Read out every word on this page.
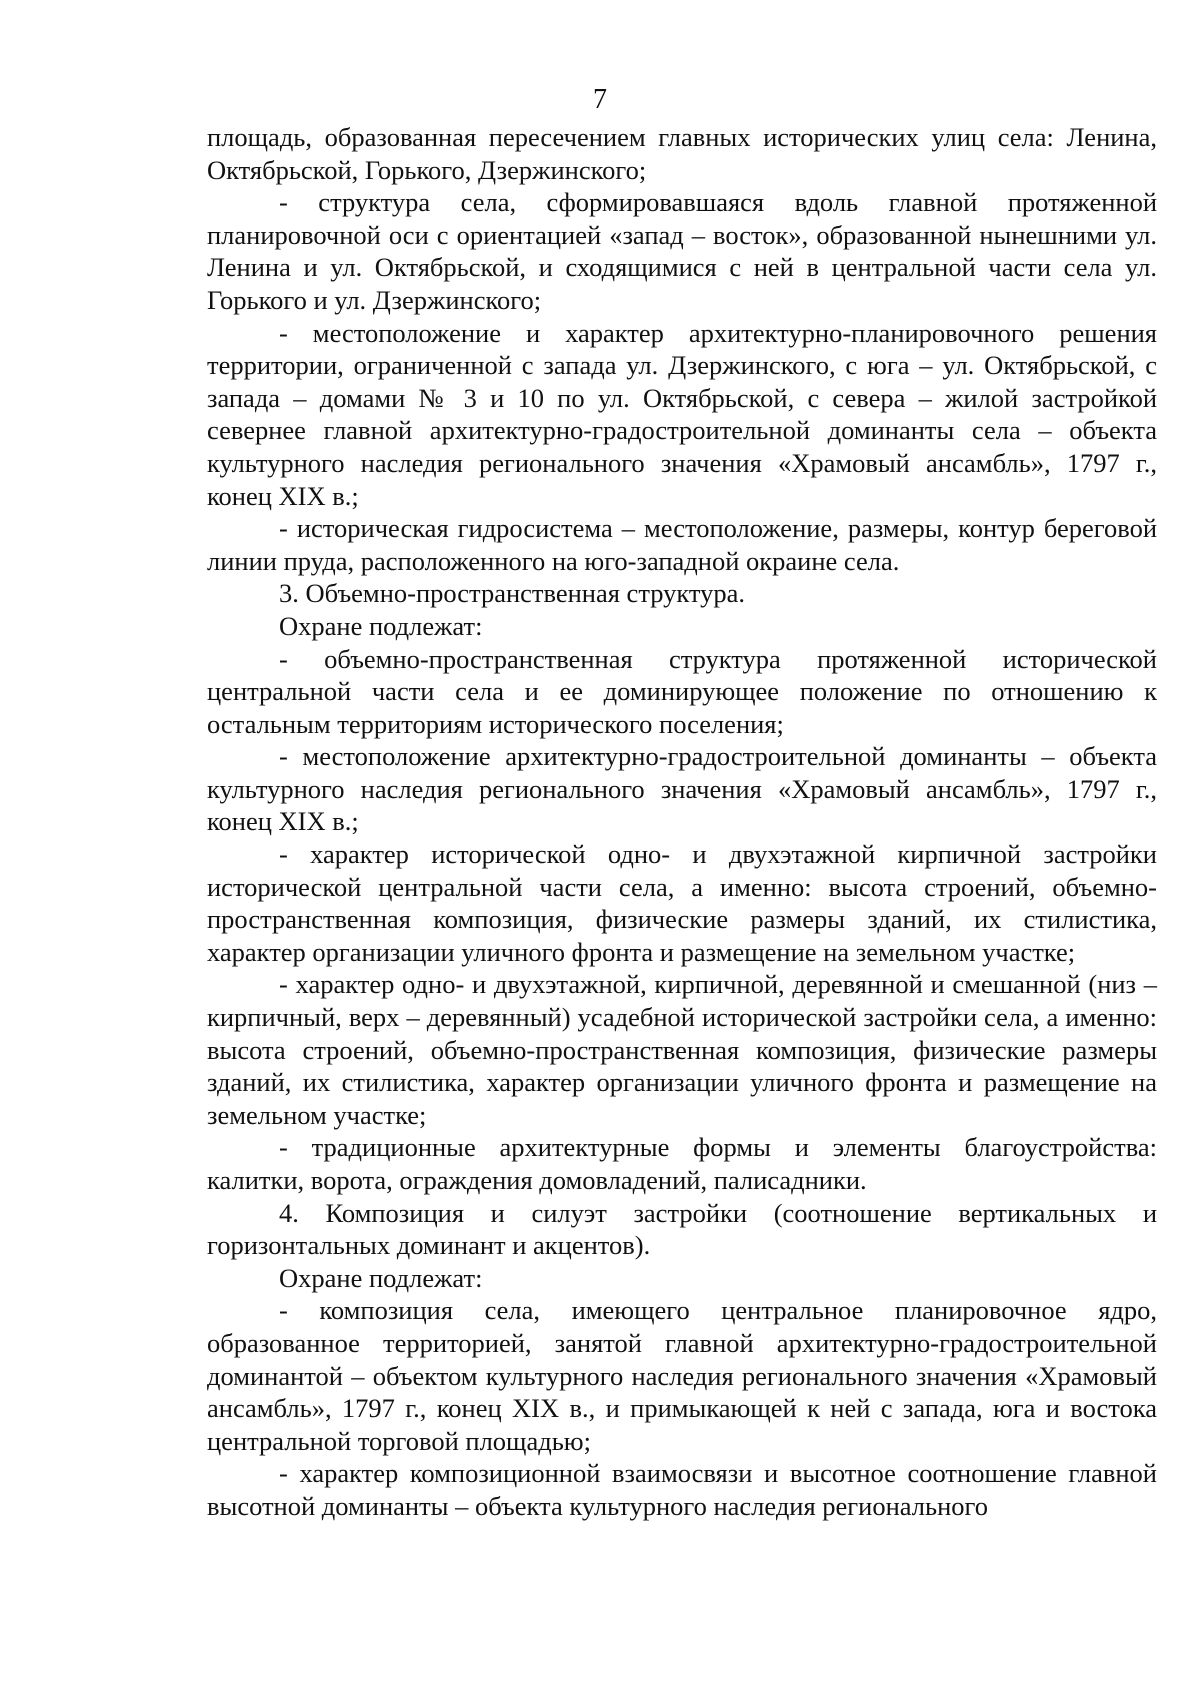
7

площадь, образованная пересечением главных исторических улиц села: Ленина, Октябрьской, Горького, Дзержинского;

- структура села, сформировавшаяся вдоль главной протяженной планировочной оси с ориентацией «запад – восток», образованной нынешними ул. Ленина и ул. Октябрьской, и сходящимися с ней в центральной части села ул. Горького и ул. Дзержинского;

- местоположение и характер архитектурно-планировочного решения территории, ограниченной с запада ул. Дзержинского, с юга – ул. Октябрьской, с запада – домами № 3 и 10 по ул. Октябрьской, с севера – жилой застройкой севернее главной архитектурно-градостроительной доминанты села – объекта культурного наследия регионального значения «Храмовый ансамбль», 1797 г., конец XIX в.;

- историческая гидросистема – местоположение, размеры, контур береговой линии пруда, расположенного на юго-западной окраине села.

3. Объемно-пространственная структура.

Охране подлежат:

- объемно-пространственная структура протяженной исторической центральной части села и ее доминирующее положение по отношению к остальным территориям исторического поселения;

- местоположение архитектурно-градостроительной доминанты – объекта культурного наследия регионального значения «Храмовый ансамбль», 1797 г., конец XIX в.;

- характер исторической одно- и двухэтажной кирпичной застройки исторической центральной части села, а именно: высота строений, объемно-пространственная композиция, физические размеры зданий, их стилистика, характер организации уличного фронта и размещение на земельном участке;

- характер одно- и двухэтажной, кирпичной, деревянной и смешанной (низ – кирпичный, верх – деревянный) усадебной исторической застройки села, а именно: высота строений, объемно-пространственная композиция, физические размеры зданий, их стилистика, характер организации уличного фронта и размещение на земельном участке;

- традиционные архитектурные формы и элементы благоустройства: калитки, ворота, ограждения домовладений, палисадники.

4. Композиция и силуэт застройки (соотношение вертикальных и горизонтальных доминант и акцентов).

Охране подлежат:

- композиция села, имеющего центральное планировочное ядро, образованное территорией, занятой главной архитектурно-градостроительной доминантой – объектом культурного наследия регионального значения «Храмовый ансамбль», 1797 г., конец XIX в., и примыкающей к ней с запада, юга и востока центральной торговой площадью;

- характер композиционной взаимосвязи и высотное соотношение главной высотной доминанты – объекта культурного наследия регионального
